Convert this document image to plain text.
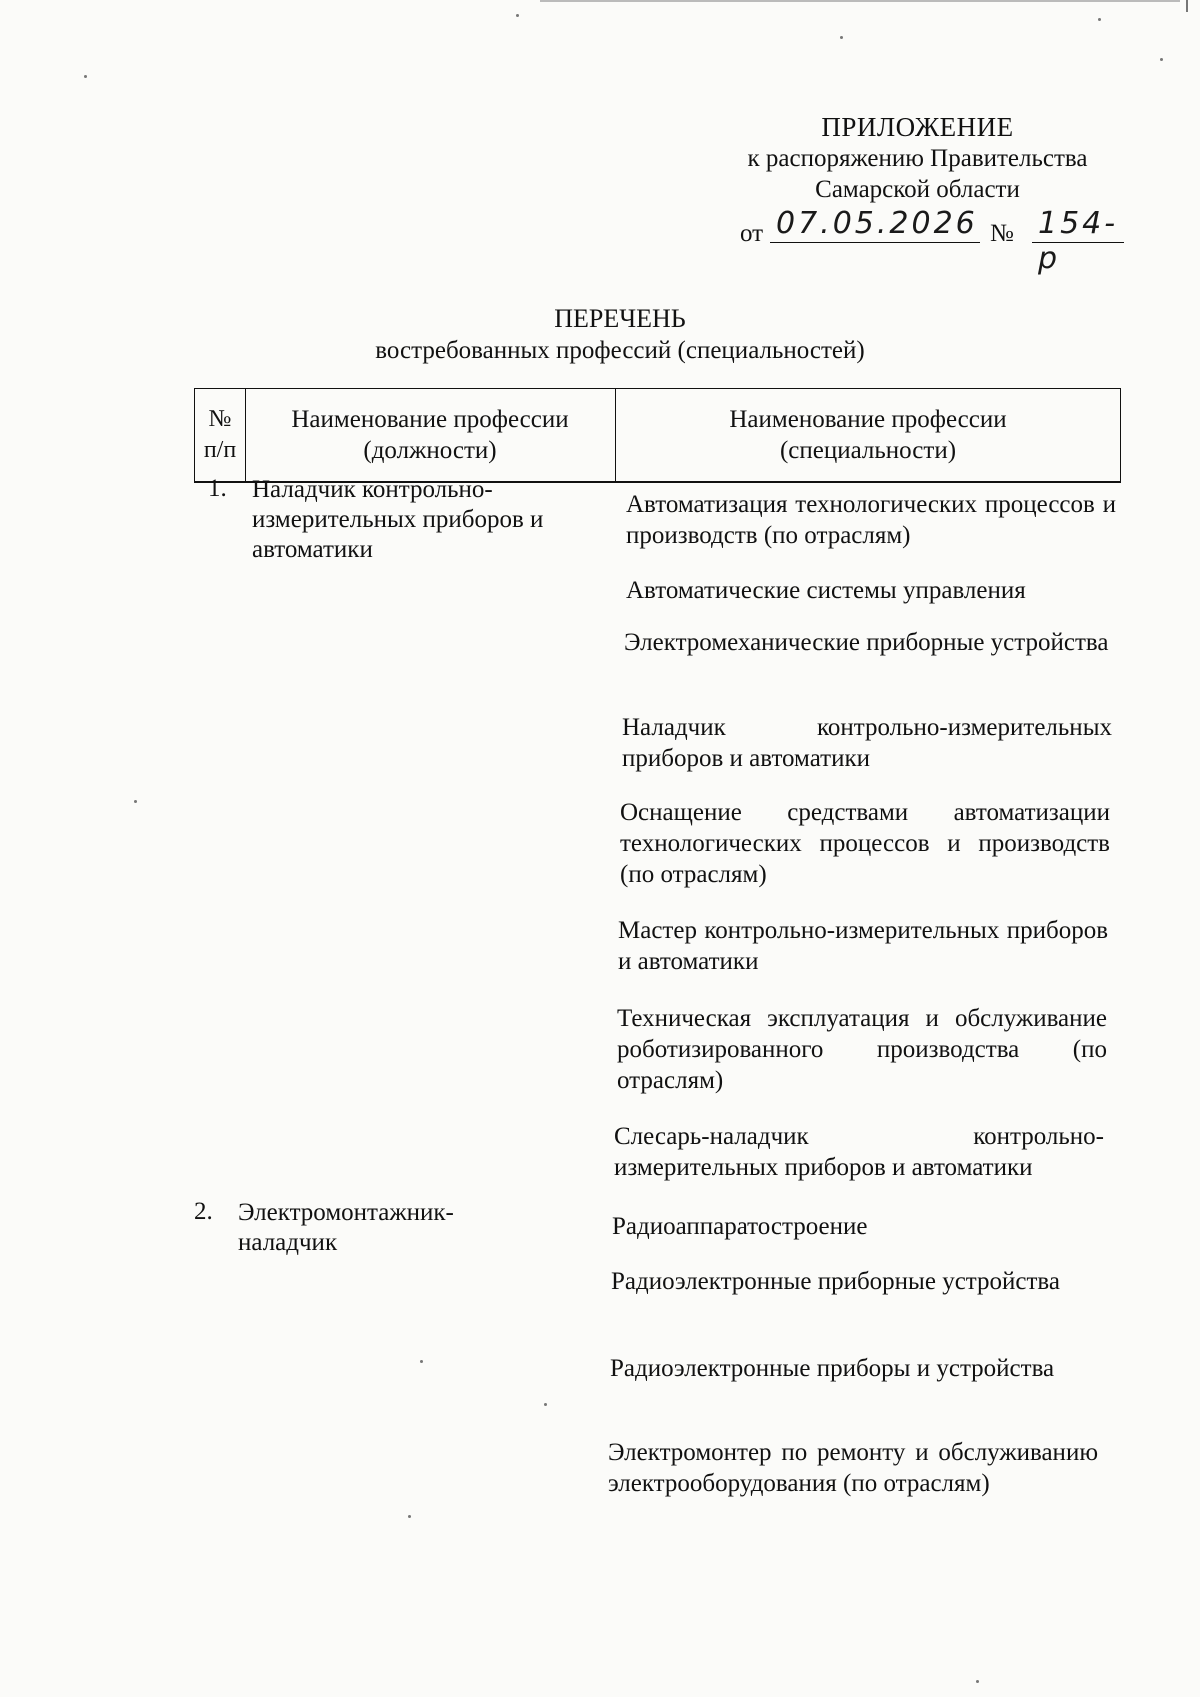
ПРИЛОЖЕНИЕ
к распоряжению Правительства
Самарской области
от 07.05.2026 № 154-р
ПЕРЕЧЕНЬ
востребованных профессий (специальностей)
№ п/п
Наименование профессии (должности)
Наименование профессии (специальности)
1. Наладчик контрольно-измерительных приборов и автоматики
Автоматизация технологических процессов и производств (по отраслям)
Автоматические системы управления
Электромеханические приборные устройства
Наладчик контрольно-измерительных приборов и автоматики
Оснащение средствами автоматизации технологических процессов и производств (по отраслям)
Мастер контрольно-измерительных приборов и автоматики
Техническая эксплуатация и обслуживание роботизированного производства (по отраслям)
Слесарь-наладчик контрольно-измерительных приборов и автоматики
2. Электромонтажник-наладчик
Радиоаппаратостроение
Радиоэлектронные приборные устройства
Радиоэлектронные приборы и устройства
Электромонтер по ремонту и обслуживанию электрооборудования (по отраслям)
